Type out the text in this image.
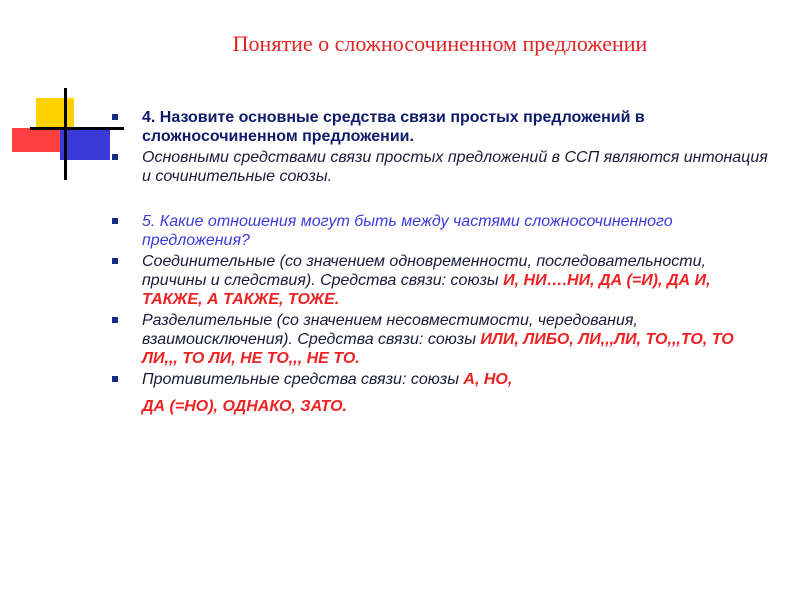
Понятие о сложносочиненном предложении
4. Назовите основные средства связи простых предложений в сложносочиненном предложении.
Основными средствами связи простых предложений в ССП являются интонация и сочинительные союзы.
5. Какие отношения могут быть между частями сложносочиненного предложения?
Соединительные (со значением одновременности, последовательности, причины и следствия). Средства связи: союзы И, НИ….НИ, ДА (=И), ДА И, ТАКЖЕ, А ТАКЖЕ, ТОЖЕ.
Разделительные (со значением несовместимости, чередования, взаимоисключения). Средства связи: союзы ИЛИ, ЛИБО, ЛИ,,,ЛИ, ТО,,,ТО, ТО ЛИ,,, ТО ЛИ, НЕ ТО,,, НЕ ТО.
Противительные средства связи: союзы А, НО,
ДА (=НО), ОДНАКО, ЗАТО.
